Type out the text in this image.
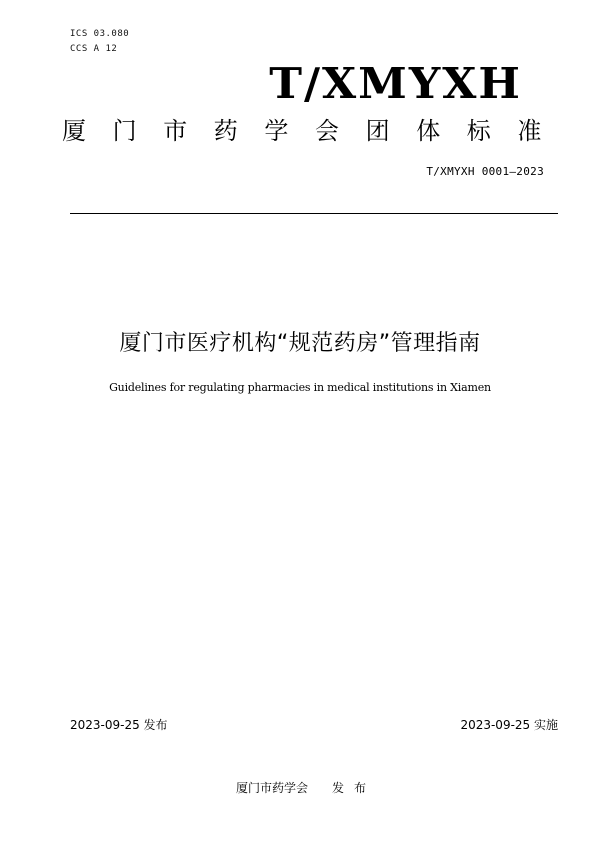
ICS 03.080
CCS A 12
T/XMYXH
厦门市药学会团体标准
T/XMYXH 0001—2023
厦门市医疗机构“规范药房”管理指南
Guidelines for regulating pharmacies in medical institutions in Xiamen
2023-09-25 发布	2023-09-25 实施
厦门市药学会 发布
